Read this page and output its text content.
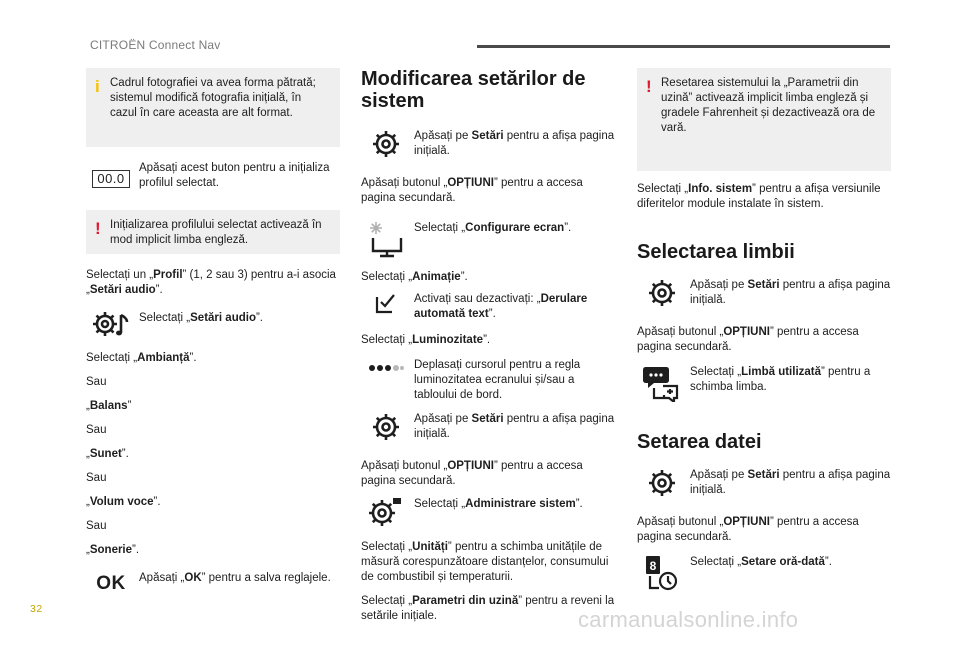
CITROËN Connect Nav
i Cadrul fotografiei va avea forma pătrată; sistemul modifică fotografia inițială, în cazul în care aceasta are alt format.
00.0
Apăsați acest buton pentru a inițializa profilul selectat.
! Inițializarea profilului selectat activează în mod implicit limba engleză.

Selectați un „Profil” (1, 2 sau 3) pentru a-i asocia „Setări audio”.

Selectați „Setări audio”.

Selectați „Ambianță”.

Sau

„Balans”

Sau

„Sunet”.

Sau

„Volum voce”.

Sau

„Sonerie”.

OK Apăsați „OK” pentru a salva reglajele.
Modificarea setărilor de sistem
Apăsați pe Setări pentru a afișa pagina inițială.

Apăsați butonul „OPȚIUNI” pentru a accesa pagina secundară.

Selectați „Configurare ecran”.

Selectați „Animație”.

Activați sau dezactivați: „Derulare automată text”.

Selectați „Luminozitate”.

Deplasați cursorul pentru a regla luminozitatea ecranului și/sau a tabloului de bord.
Apăsați pe Setări pentru a afișa pagina inițială.

Apăsați butonul „OPȚIUNI” pentru a accesa pagina secundară.

Selectați „Administrare sistem”.

Selectați „Unități” pentru a schimba unitățile de măsură corespunzătoare distanțelor, consumului de combustibil și temperaturii.

Selectați „Parametri din uzină” pentru a reveni la setările inițiale.

! Resetarea sistemului la „Parametrii din uzină” activează implicit limba engleză și gradele Fahrenheit și dezactivează ora de vară.

Selectați „Info. sistem” pentru a afișa versiunile diferitelor module instalate în sistem.

Selectarea limbii
Apăsați pe Setări pentru a afișa pagina inițială.

Apăsați butonul „OPȚIUNI” pentru a accesa pagina secundară.

Selectați „Limbă utilizată” pentru a schimba limba.
Setarea datei
Apăsați pe Setări pentru a afișa pagina inițială.

Apăsați butonul „OPȚIUNI” pentru a accesa pagina secundară.

8	Selectați „Setare oră-dată”.
32	carmanualsonline.info
